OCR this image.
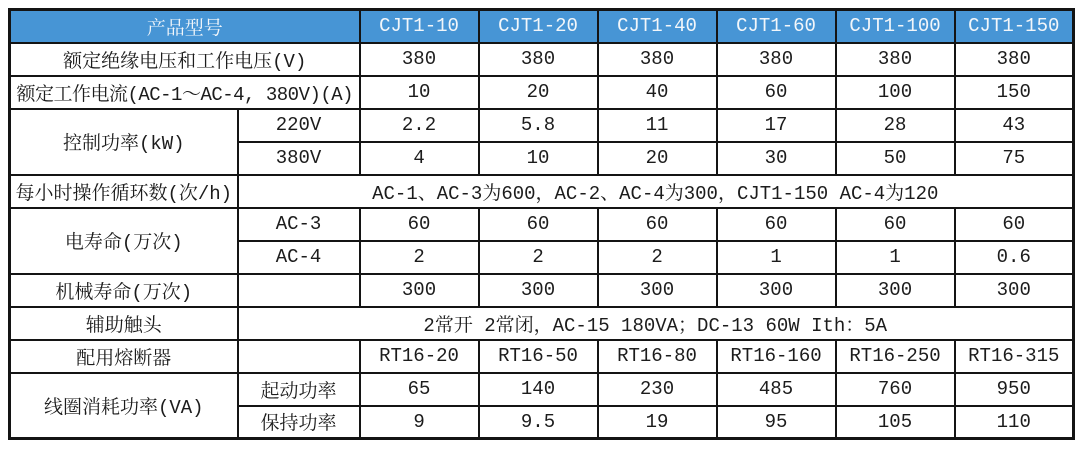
产品型号		CJT1-10	CJT1-20	CJT1-40	CJT1-60	CJT1-100	CJT1-150
额定绝缘电压和工作电压(V)		380	380	380	380	380	380
额定工作电流(AC-1～AC-4, 380V)(A)		10	20	40	60	100	150
控制功率(kW)	220V	2.2	5.8	11	17	28	43
	380V	4	10	20	30	50	75
每小时操作循环数(次/h)	AC-1、AC-3为600，AC-2、AC-4为300，CJT1-150 AC-4为120						
电寿命(万次)	AC-3	60	60	60	60	60	60
	AC-4	2	2	2	1	1	0.6
机械寿命(万次)		300	300	300	300	300	300
辅助触头	2常开 2常闭，AC-15 180VA；DC-13 60W Ith：5A						
配用熔断器		RT16-20	RT16-50	RT16-80	RT16-160	RT16-250	RT16-315
线圈消耗功率(VA)	起动功率	65	140	230	485	760	950
	保持功率	9	9.5	19	95	105	110
